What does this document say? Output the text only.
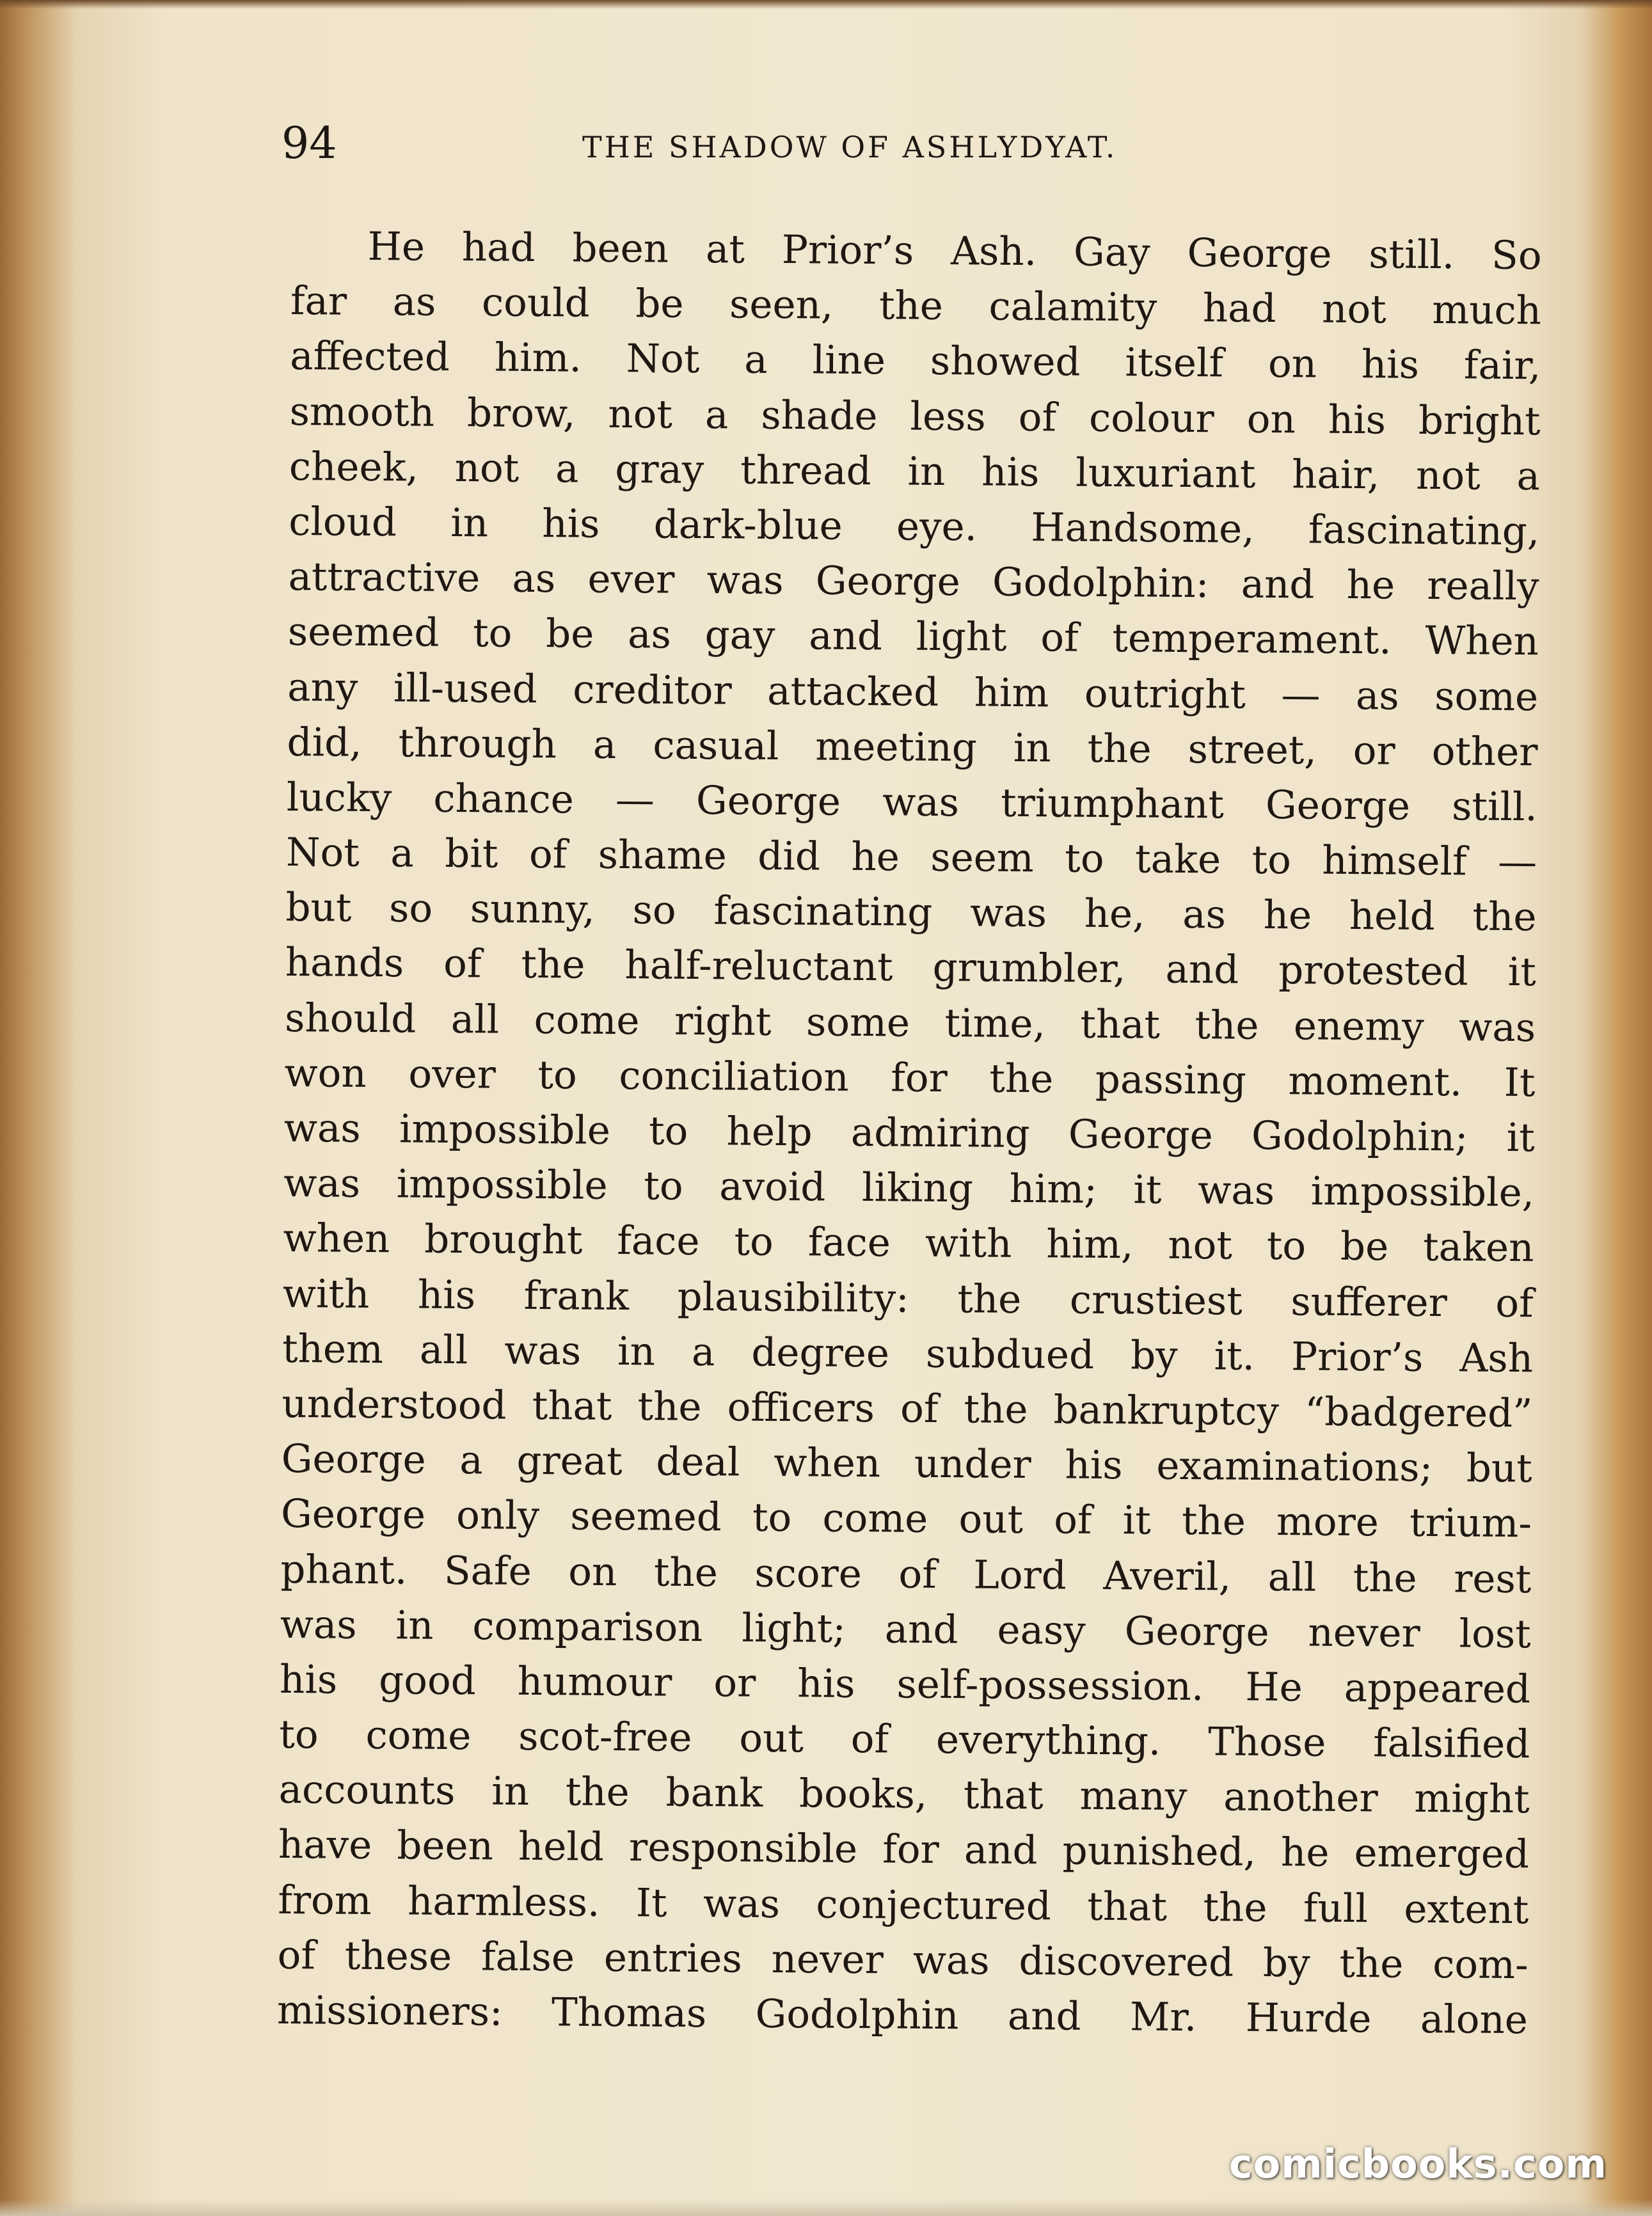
94	THE SHADOW OF ASHLYDYAT.
He had been at Prior’s Ash. Gay George still. So
far as could be seen, the calamity had not much
affected him. Not a line showed itself on his fair,
smooth brow, not a shade less of colour on his bright
cheek, not a gray thread in his luxuriant hair, not a
cloud in his dark-blue eye. Handsome, fascinating,
attractive as ever was George Godolphin: and he really
seemed to be as gay and light of temperament. When
any ill-used creditor attacked him outright — as some
did, through a casual meeting in the street, or other
lucky chance — George was triumphant George still.
Not a bit of shame did he seem to take to himself —
but so sunny, so fascinating was he, as he held the
hands of the half-reluctant grumbler, and protested it
should all come right some time, that the enemy was
won over to conciliation for the passing moment. It
was impossible to help admiring George Godolphin; it
was impossible to avoid liking him; it was impossible,
when brought face to face with him, not to be taken
with his frank plausibility: the crustiest sufferer of
them all was in a degree subdued by it. Prior’s Ash
understood that the officers of the bankruptcy “badgered”
George a great deal when under his examinations; but
George only seemed to come out of it the more trium-
phant. Safe on the score of Lord Averil, all the rest
was in comparison light; and easy George never lost
his good humour or his self-possession. He appeared
to come scot-free out of everything. Those falsified
accounts in the bank books, that many another might
have been held responsible for and punished, he emerged
from harmless. It was conjectured that the full extent
of these false entries never was discovered by the com-
missioners: Thomas Godolphin and Mr. Hurde alone
comicbooks.com
